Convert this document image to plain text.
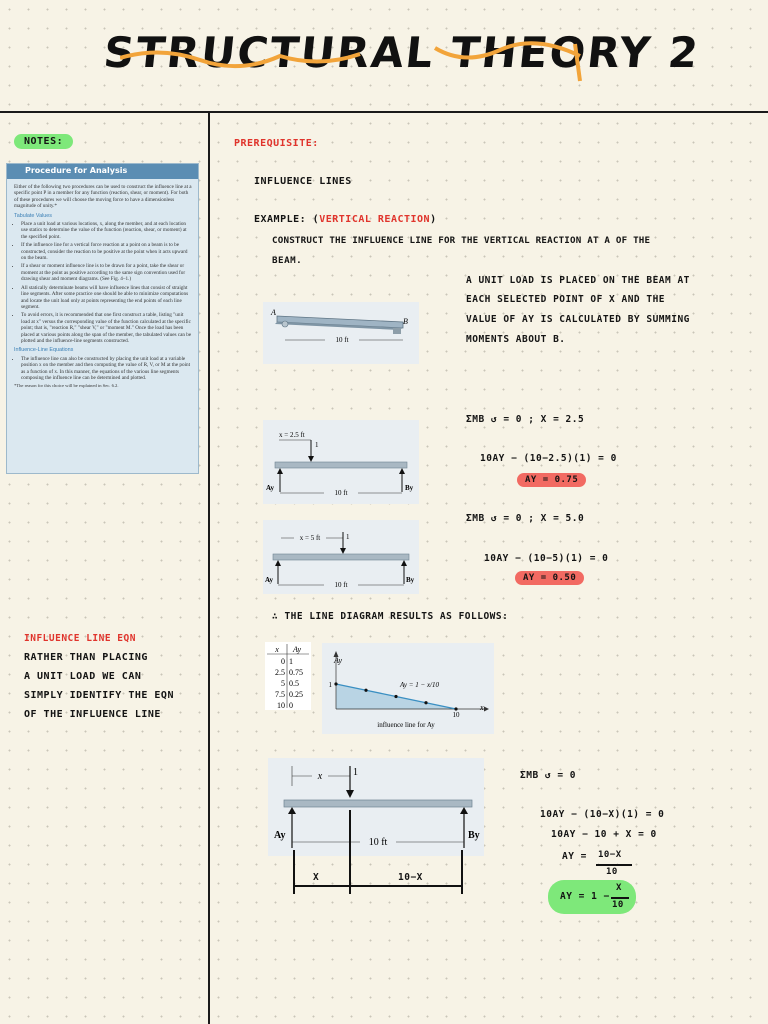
STRUCTURAL THEORY 2
NOTES:
Procedure for Analysis

Either of the following two procedures can be used to construct the influence line at a specific point P in a member for any function (reaction, shear, or moment). For both of these procedures we will choose the moving force to have a dimensionless magnitude of unity.*

Tabulate Values
• Place a unit load at various locations, x, along the member, and at each location use statics to determine the value of the function (reaction, shear, or moment) at the specified point.
• If the influence line for a vertical force reaction at a point on a beam is to be constructed, consider the reaction to be positive at the point when it acts upward on the beam.
• If a shear or moment influence line is to be drawn for a point, take the shear or moment at the point as positive according to the same sign convention used for drawing shear and moment diagrams. (See Fig. 4–1.)
• All statically determinate beams will have influence lines that consist of straight line segments. After some practice one should be able to minimize computations and locate the unit load only at points representing the end points of each line segment.
• To avoid errors, it is recommended that one first construct a table, listing "unit load at x" versus the corresponding value of the function calculated at the specific point; that is, "reaction R," "shear V," or "moment M." Once the load has been placed at various points along the span of the member, the tabulated values can be plotted and the influence-line segments constructed.
Influence-Line Equations
• The influence line can also be constructed by placing the unit load at a variable position x on the member and then computing the value of R, V, or M at the point as a function of x. In this manner, the equations of the various line segments composing the influence line can be determined and plotted.
*The reason for this choice will be explained in Sec. 6.2.
INFLUENCE LINE EQN
RATHER THAN PLACING
A UNIT LOAD WE CAN
SIMPLY IDENTIFY THE EQN
OF THE INFLUENCE LINE
PREREQUISITE:
INFLUENCE LINES
EXAMPLE: (VERTICAL REACTION)
CONSTRUCT THE INFLUENCE LINE FOR THE VERTICAL REACTION AT A OF THE
BEAM.
A UNIT LOAD IS PLACED ON THE BEAM AT
EACH SELECTED POINT OF X AND THE
VALUE OF AY IS CALCULATED BY SUMMING
MOMENTS ABOUT B.
A
B
10 ft
x = 2.5 ft
1
Ay	By
10 ft
x = 5 ft	1
Ay	By
10 ft
ΣMB ↺ = 0 ; X = 2.5
10AY − (10−2.5)(1) = 0
AY = 0.75
ΣMB ↺ = 0 ; X = 5.0
10AY − (10−5)(1) = 0
AY = 0.50
∴ THE LINE DIAGRAM RESULTS AS FOLLOWS:
x Ay
0 1
2.5 0.75
5 0.5
7.5 0.25
10 0
Ay
x
1
10
Ay = 1 − x/10
influence line for Ay
x	1
Ay	By
10 ft
X	10−X
ΣMB ↺ = 0
10AY − (10−X)(1) = 0
10AY − 10 + X = 0
AY = 10−X
10
AY = 1 −
X
10
